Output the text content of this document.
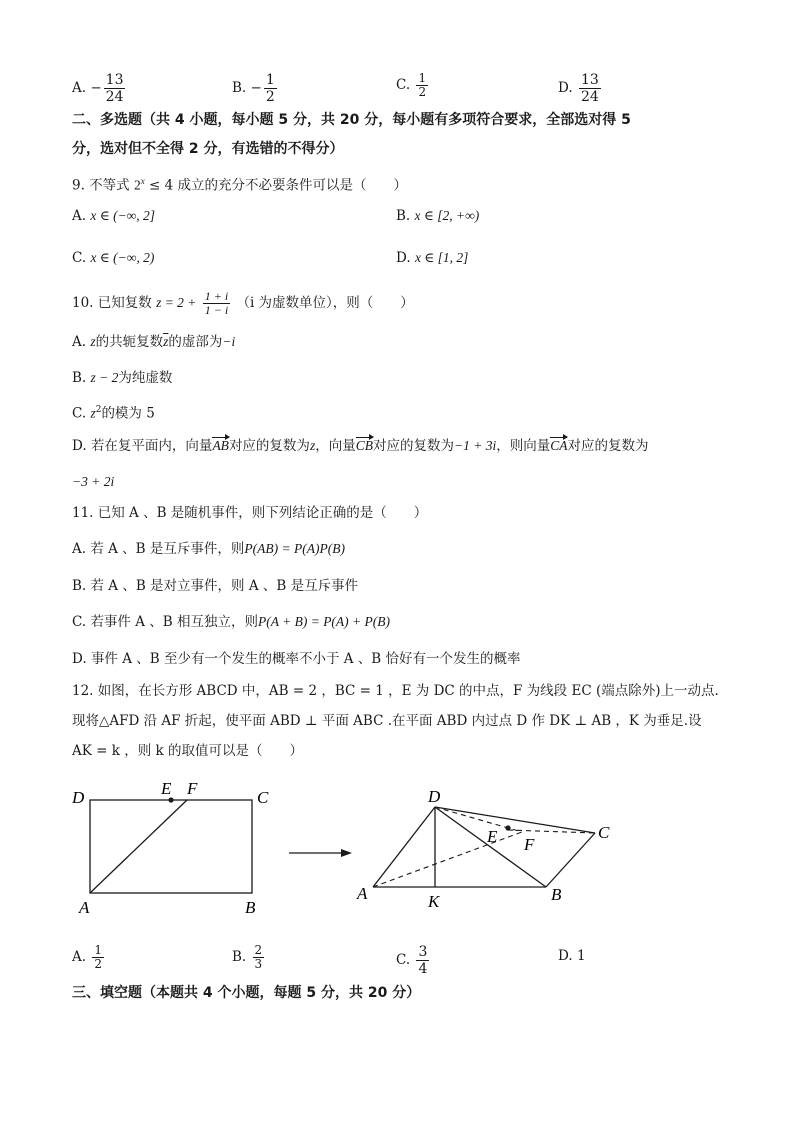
A. − $\frac{13}{24}$	B. − $\frac{1}{2}$	C. $\frac{1}{2}$	D. $\frac{13}{24}$
二、多选题（共 4 小题，每小题 5 分，共 20 分，每小题有多项符合要求，全部选对得 5
分，选对但不全得 2 分，有选错的不得分）
9. 不等式 $2^x \le 4$ 成立的充分不必要条件可以是（　　）
A. x ∈ (−∞, 2]	B. x ∈ [2, +∞)
C. x ∈ (−∞, 2)	D. x ∈ [1, 2]
10. 已知复数 $z = 2 + \frac{1 + i}{1 - i} (i$ 为虚数单位），则（　　）
A. z的共轭复数$\overline{z}$的虚部为−i
B. z − 2为纯虚数
C. $z^2$的模为 5
D. 若在复平面内，向量AB对应的复数为z，向量CB对应的复数为−1 + 3i，则向量CA对应的复数为
−3 + 2i
11. 已知 A 、B 是随机事件，则下列结论正确的是（　　）
A. 若 A 、B 是互斥事件，则P(AB) = P(A)P(B)
B. 若 A 、B 是对立事件，则 A 、B 是互斥事件
C. 若事件 A 、B 相互独立，则P(A + B) = P(A) + P(B)
D. 事件 A 、B 至少有一个发生的概率不小于 A 、B 恰好有一个发生的概率
12. 如图，在长方形 ABCD 中，AB = 2 ，BC = 1 ，E 为 DC 的中点，F 为线段 EC (端点除外)上一动点.
现将△AFD 沿 AF 折起，使平面 ABD ⊥ 平面 ABC .在平面 ABD 内过点 D 作 DK ⊥ AB ，K 为垂足.设
AK = k ，则 k 的取值可以是（　　）
D	E F	C
A	B
D
E F
C
A	K	B
A. $\frac{1}{2}$	B. $\frac{2}{3}$	C. $\frac{3}{4}$	D. 1
三、填空题（本题共 4 个小题，每题 5 分，共 20 分）
